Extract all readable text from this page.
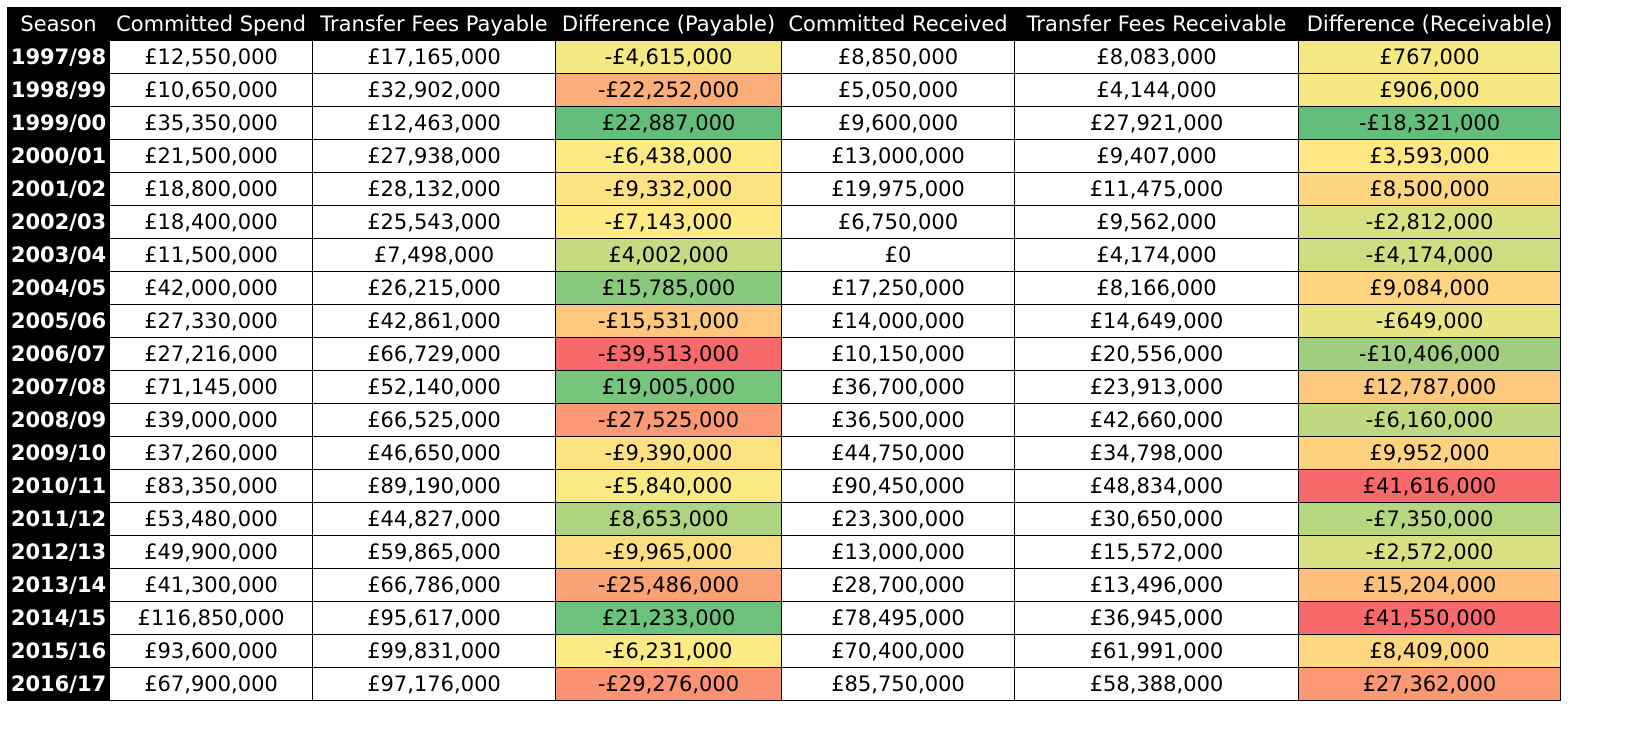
Season	Committed Spend	Transfer Fees Payable	Difference (Payable)	Committed Received	Transfer Fees Receivable	Difference (Receivable)
1997/98	£12,550,000	£17,165,000	-£4,615,000	£8,850,000	£8,083,000	£767,000
1998/99	£10,650,000	£32,902,000	-£22,252,000	£5,050,000	£4,144,000	£906,000
1999/00	£35,350,000	£12,463,000	£22,887,000	£9,600,000	£27,921,000	-£18,321,000
2000/01	£21,500,000	£27,938,000	-£6,438,000	£13,000,000	£9,407,000	£3,593,000
2001/02	£18,800,000	£28,132,000	-£9,332,000	£19,975,000	£11,475,000	£8,500,000
2002/03	£18,400,000	£25,543,000	-£7,143,000	£6,750,000	£9,562,000	-£2,812,000
2003/04	£11,500,000	£7,498,000	£4,002,000	£0	£4,174,000	-£4,174,000
2004/05	£42,000,000	£26,215,000	£15,785,000	£17,250,000	£8,166,000	£9,084,000
2005/06	£27,330,000	£42,861,000	-£15,531,000	£14,000,000	£14,649,000	-£649,000
2006/07	£27,216,000	£66,729,000	-£39,513,000	£10,150,000	£20,556,000	-£10,406,000
2007/08	£71,145,000	£52,140,000	£19,005,000	£36,700,000	£23,913,000	£12,787,000
2008/09	£39,000,000	£66,525,000	-£27,525,000	£36,500,000	£42,660,000	-£6,160,000
2009/10	£37,260,000	£46,650,000	-£9,390,000	£44,750,000	£34,798,000	£9,952,000
2010/11	£83,350,000	£89,190,000	-£5,840,000	£90,450,000	£48,834,000	£41,616,000
2011/12	£53,480,000	£44,827,000	£8,653,000	£23,300,000	£30,650,000	-£7,350,000
2012/13	£49,900,000	£59,865,000	-£9,965,000	£13,000,000	£15,572,000	-£2,572,000
2013/14	£41,300,000	£66,786,000	-£25,486,000	£28,700,000	£13,496,000	£15,204,000
2014/15	£116,850,000	£95,617,000	£21,233,000	£78,495,000	£36,945,000	£41,550,000
2015/16	£93,600,000	£99,831,000	-£6,231,000	£70,400,000	£61,991,000	£8,409,000
2016/17	£67,900,000	£97,176,000	-£29,276,000	£85,750,000	£58,388,000	£27,362,000
